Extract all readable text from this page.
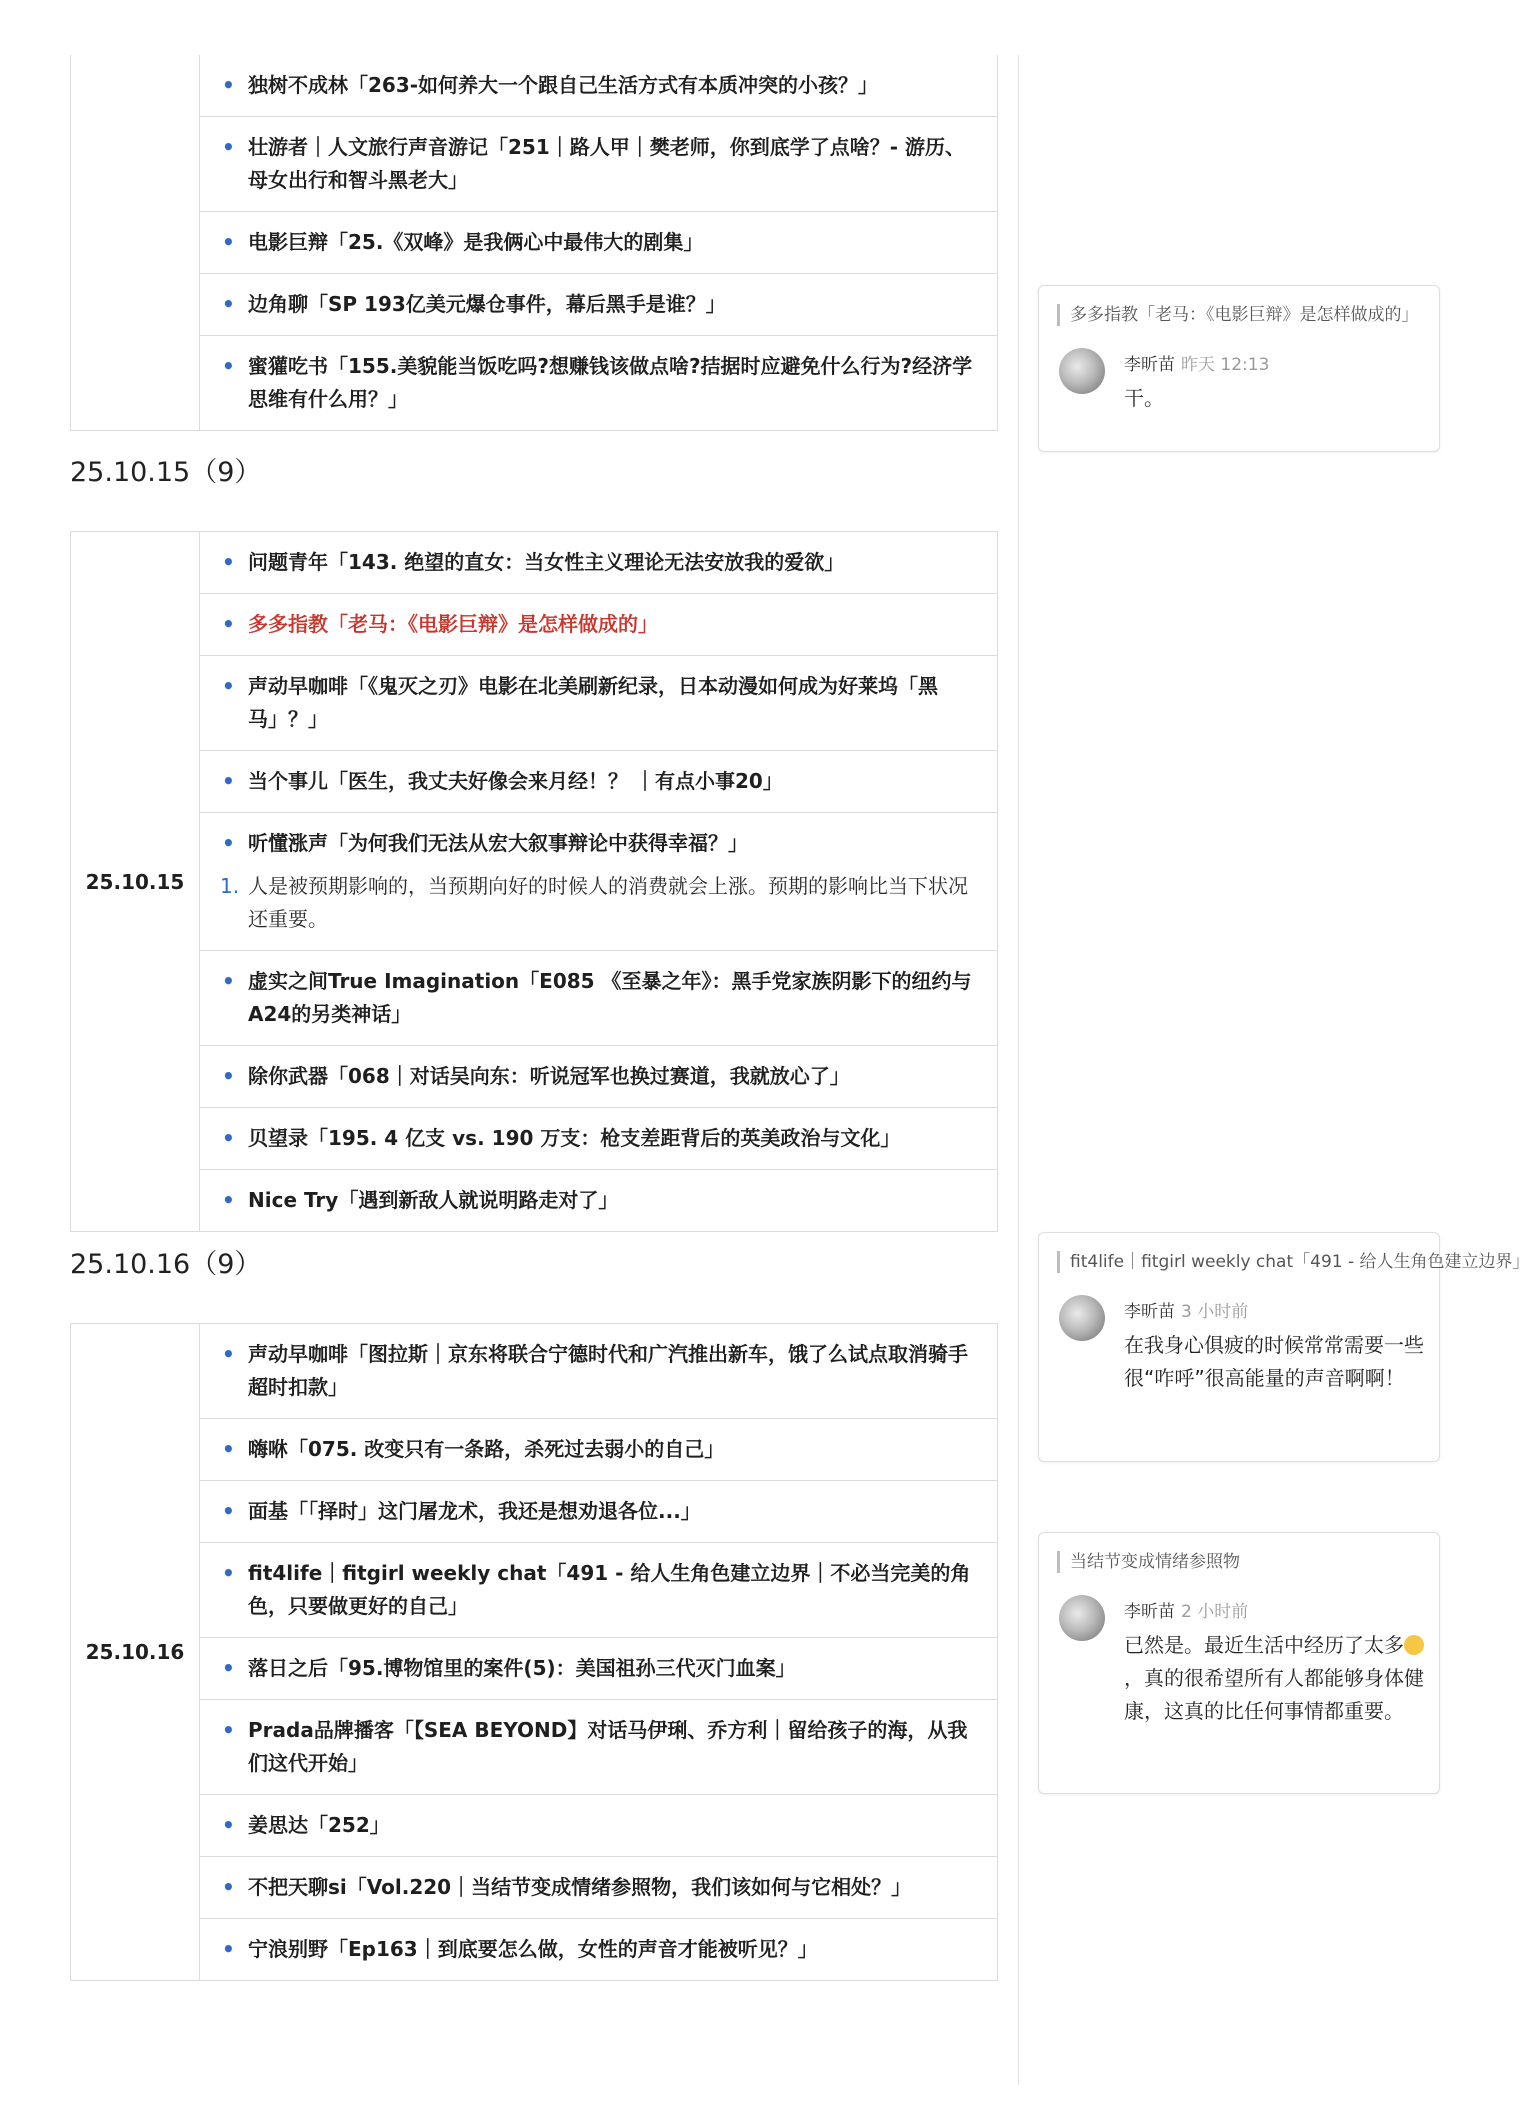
• 独树不成林「263-如何养大一个跟自己生活方式有本质冲突的小孩？」

• 壮游者｜人文旅行声音游记「251｜路人甲｜樊老师，你到底学了点啥？- 游历、母女出行和智斗黑老大」

• 电影巨辩「25.《双峰》是我俩心中最伟大的剧集」

• 边角聊「SP 193亿美元爆仓事件，幕后黑手是谁？」

• 蜜獾吃书「155.美貌能当饭吃吗?想赚钱该做点啥?拮据时应避免什么行为?经济学思维有什么用？」
25.10.15（9）
25.10.15	
• 问题青年「143. 绝望的直女：当女性主义理论无法安放我的爱欲」

• 多多指教「老马：《电影巨辩》是怎样做成的」

• 声动早咖啡「《鬼灭之刃》电影在北美刷新纪录，日本动漫如何成为好莱坞「黑马」？」

• 当个事儿「医生，我丈夫好像会来月经！？ ｜有点小事20」

• 听懂涨声「为何我们无法从宏大叙事辩论中获得幸福？」
1. 人是被预期影响的，当预期向好的时候人的消费就会上涨。预期的影响比当下状况还重要。

• 虚实之间True Imagination「E085 《至暴之年》：黑手党家族阴影下的纽约与A24的另类神话」

• 除你武器「068｜对话吴向东：听说冠军也换过赛道，我就放心了」

• 贝望录「195. 4 亿支 vs. 190 万支：枪支差距背后的英美政治与文化」

• Nice Try「遇到新敌人就说明路走对了」
25.10.16（9）
25.10.16	
• 声动早咖啡「图拉斯｜京东将联合宁德时代和广汽推出新车，饿了么试点取消骑手超时扣款」

• 嗨咻「075. 改变只有一条路，杀死过去弱小的自己」

• 面基「「择时」这门屠龙术，我还是想劝退各位...」

• fit4life｜fitgirl weekly chat「491 - 给人生角色建立边界｜不必当完美的角色，只要做更好的自己」

• 落日之后「95.博物馆里的案件(5)：美国祖孙三代灭门血案」

• Prada品牌播客「【SEA BEYOND】对话马伊琍、乔方利｜留给孩子的海，从我们这代开始」

• 姜思达「252」

• 不把天聊si「Vol.220｜当结节变成情绪参照物，我们该如何与它相处？」

• 宁浪别野「Ep163｜到底要怎么做，女性的声音才能被听见？」
多多指教「老马：《电影巨辩》是怎样做成的」
李昕苗 昨天 12:13
干。
fit4life｜fitgirl weekly chat「491 - 给人生角色建立边界」
李昕苗 3 小时前
在我身心俱疲的时候常常需要一些很“咋呼”很高能量的声音啊啊！
当结节变成情绪参照物
李昕苗 2 小时前
已然是。最近生活中经历了太多，真的很希望所有人都能够身体健康，这真的比任何事情都重要。
